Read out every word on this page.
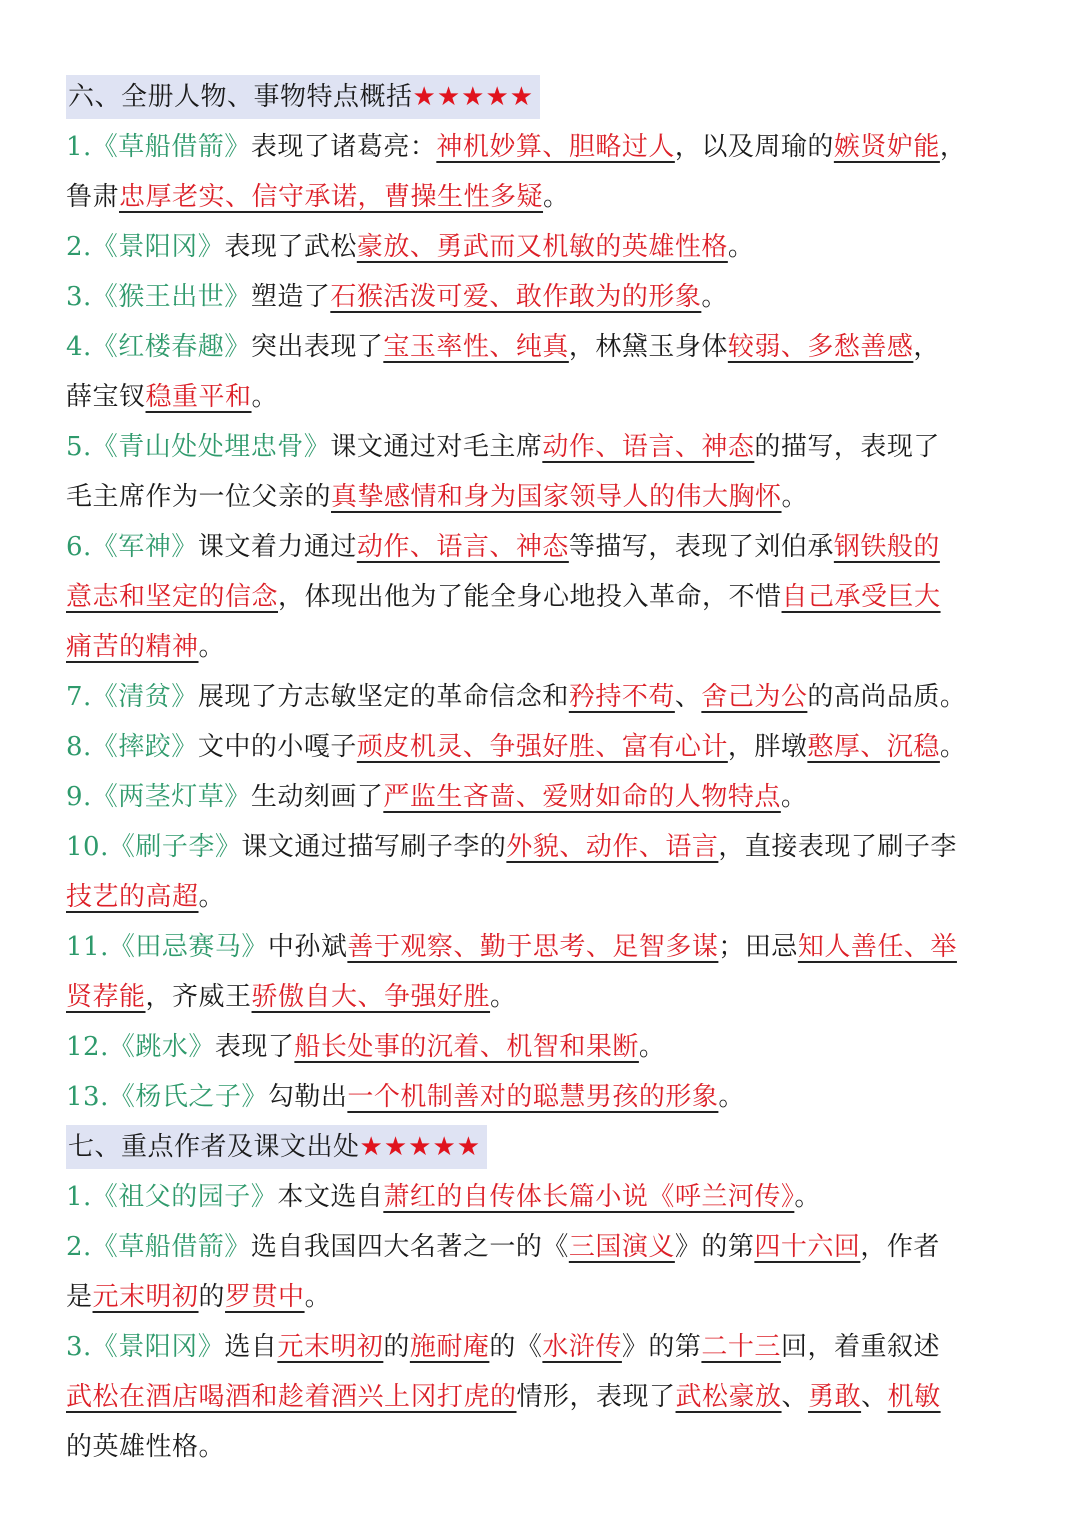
六、全册人物、事物特点概括★★★★★
1.《草船借箭》表现了诸葛亮：神机妙算、胆略过人，以及周瑜的嫉贤妒能，
鲁肃忠厚老实、信守承诺，曹操生性多疑。
2.《景阳冈》表现了武松豪放、勇武而又机敏的英雄性格。
3.《猴王出世》塑造了石猴活泼可爱、敢作敢为的形象。
4.《红楼春趣》突出表现了宝玉率性、纯真，林黛玉身体较弱、多愁善感，
薛宝钗稳重平和。
5.《青山处处埋忠骨》课文通过对毛主席动作、语言、神态的描写，表现了
毛主席作为一位父亲的真挚感情和身为国家领导人的伟大胸怀。
6.《军神》课文着力通过动作、语言、神态等描写，表现了刘伯承钢铁般的
意志和坚定的信念，体现出他为了能全身心地投入革命，不惜自己承受巨大
痛苦的精神。
7.《清贫》展现了方志敏坚定的革命信念和矜持不苟、舍己为公的高尚品质。
8.《摔跤》文中的小嘎子顽皮机灵、争强好胜、富有心计，胖墩憨厚、沉稳。
9.《两茎灯草》生动刻画了严监生吝啬、爱财如命的人物特点。
10.《刷子李》课文通过描写刷子李的外貌、动作、语言，直接表现了刷子李
技艺的高超。
11.《田忌赛马》中孙斌善于观察、勤于思考、足智多谋；田忌知人善任、举
贤荐能，齐威王骄傲自大、争强好胜。
12.《跳水》表现了船长处事的沉着、机智和果断。
13.《杨氏之子》勾勒出一个机制善对的聪慧男孩的形象。
七、重点作者及课文出处★★★★★
1.《祖父的园子》本文选自萧红的自传体长篇小说《呼兰河传》。
2.《草船借箭》选自我国四大名著之一的《三国演义》的第四十六回，作者
是元末明初的罗贯中。
3.《景阳冈》选自元末明初的施耐庵的《水浒传》的第二十三回，着重叙述
武松在酒店喝酒和趁着酒兴上冈打虎的情形，表现了武松豪放、勇敢、机敏
的英雄性格。
